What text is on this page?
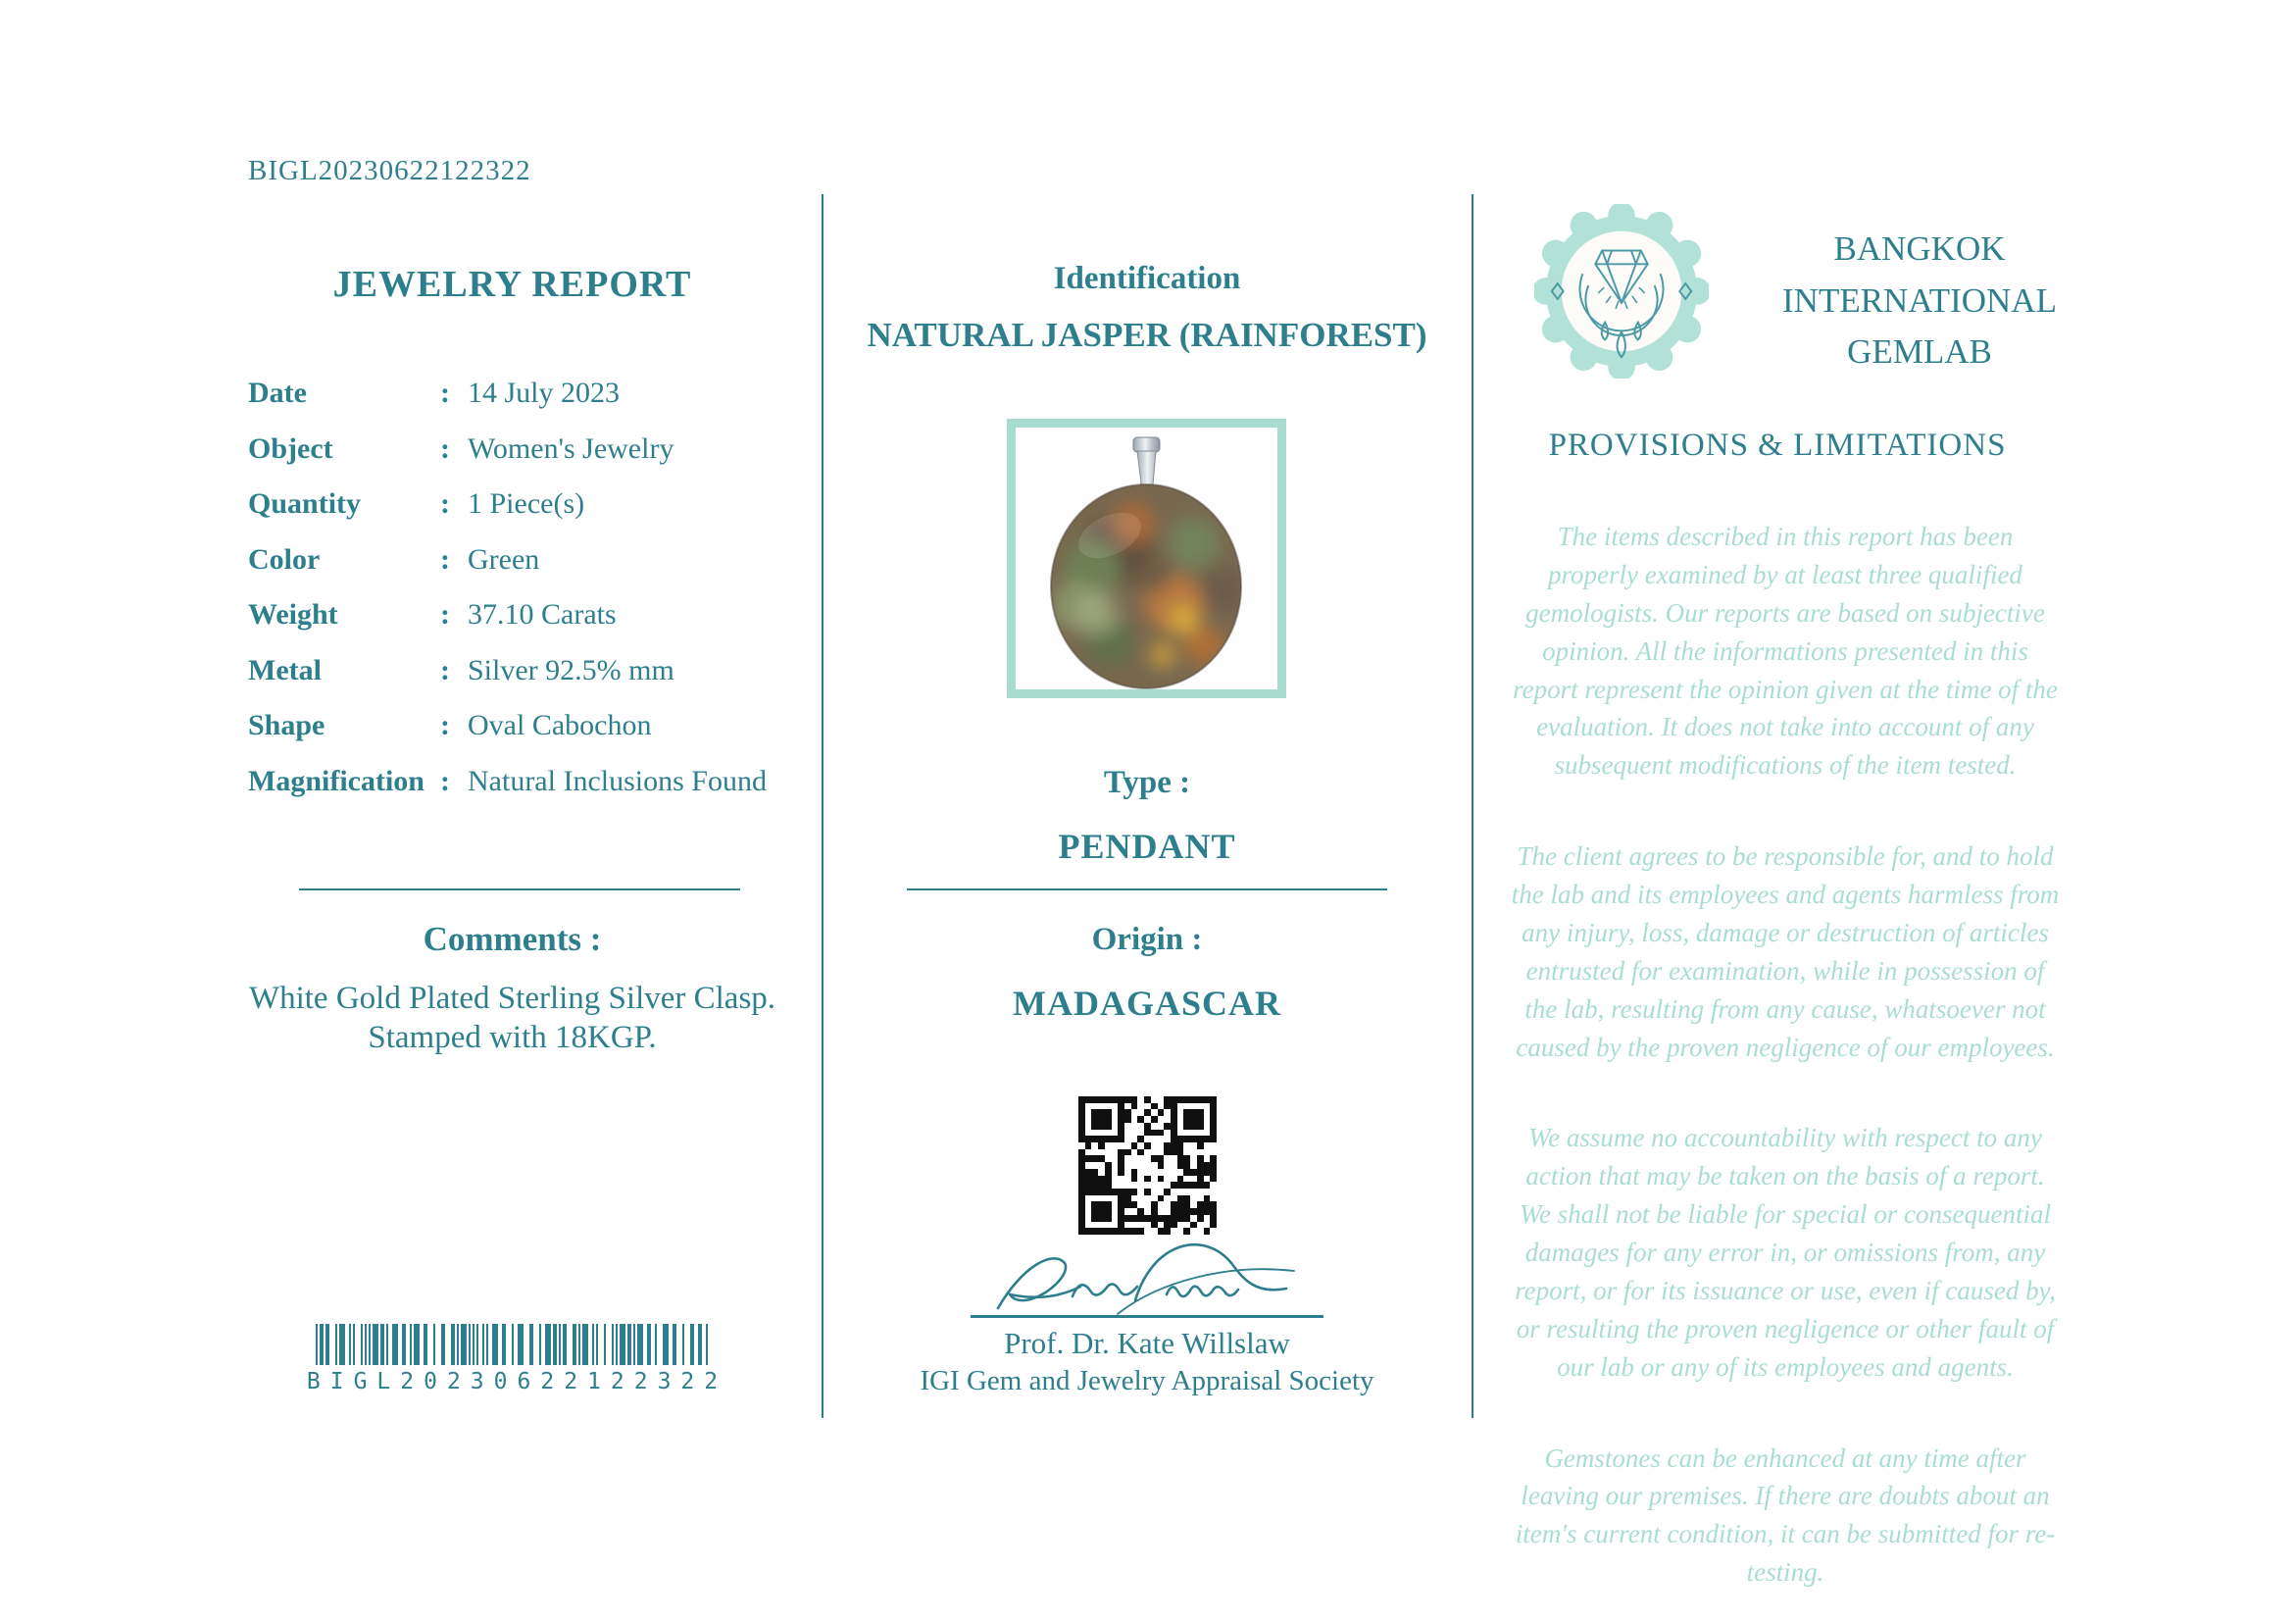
BIGL20230622122322
JEWELRY REPORT
Date	: 14 July 2023
Object	: Women's Jewelry
Quantity	: 1 Piece(s)
Color	: Green
Weight	: 37.10 Carats
Metal	: Silver 92.5% mm
Shape	: Oval Cabochon
Magnification : Natural Inclusions Found
Comments :

White Gold Plated Sterling Silver Clasp.
Stamped with 18KGP.

BIGL20230622122322
Identification
NATURAL JASPER (RAINFOREST)
Type :
PENDANT
Origin :
MADAGASCAR

Prof. Dr. Kate Willslaw

IGI Gem and Jewelry Appraisal Society

BANGKOK
INTERNATIONAL
GEMLAB
PROVISIONS & LIMITATIONS

The items described in this report has been properly examined by at least three qualified gemologists. Our reports are based on subjective opinion. All the informations presented in this report represent the opinion given at the time of the evaluation. It does not take into account of any subsequent modifications of the item tested.

The client agrees to be responsible for, and to hold the lab and its employees and agents harmless from any injury, loss, damage or destruction of articles entrusted for examination, while in possession of the lab, resulting from any cause, whatsoever not caused by the proven negligence of our employees.

We assume no accountability with respect to any action that may be taken on the basis of a report. We shall not be liable for special or consequential damages for any error in, or omissions from, any report, or for its issuance or use, even if caused by, or resulting the proven negligence or other fault of our lab or any of its employees and agents.

Gemstones can be enhanced at any time after leaving our premises. If there are doubts about an item's current condition, it can be submitted for re-testing.
